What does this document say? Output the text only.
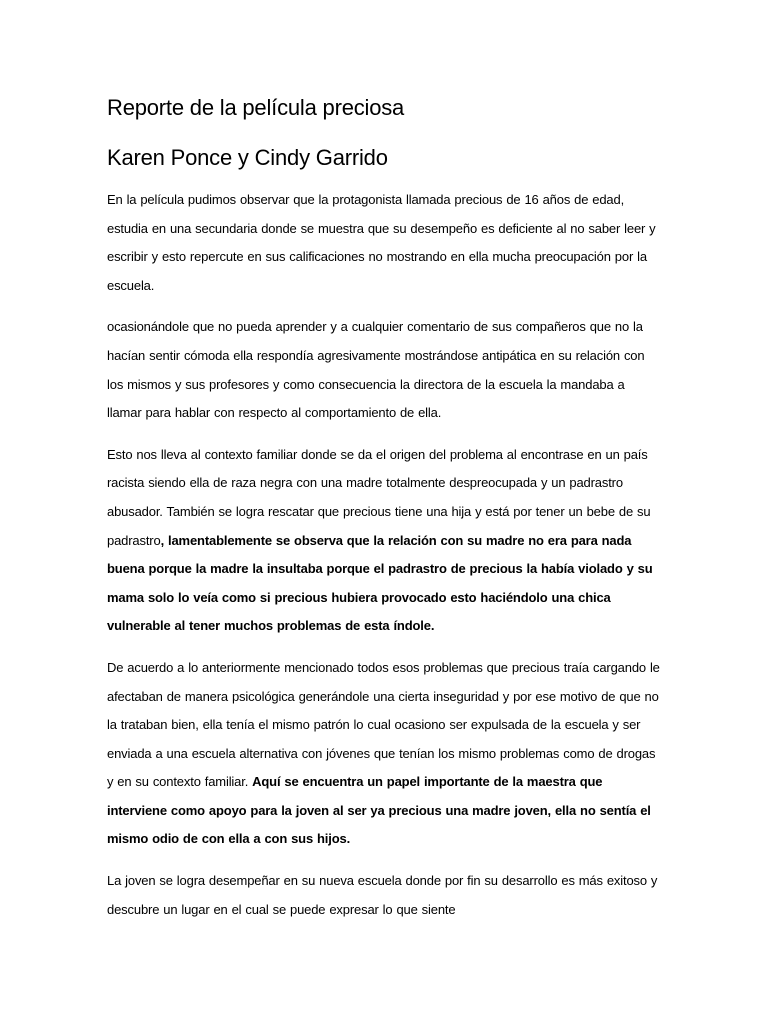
Reporte de la película preciosa
Karen Ponce y Cindy Garrido

En la película pudimos observar que la protagonista llamada precious de 16 años de edad, estudia en una secundaria donde se muestra que su desempeño es deficiente al no saber leer y escribir y esto repercute en sus calificaciones no mostrando en ella mucha preocupación por la escuela.

ocasionándole que no pueda aprender y a cualquier comentario de sus compañeros que no la hacían sentir cómoda ella respondía agresivamente mostrándose antipática en su relación con los mismos y sus profesores y como consecuencia la directora de la escuela la mandaba a llamar para hablar con respecto al comportamiento de ella.

Esto nos lleva al contexto familiar donde se da el origen del problema al encontrase en un país racista siendo ella de raza negra con una madre totalmente despreocupada y un padrastro abusador. También se logra rescatar que precious tiene una hija y está por tener un bebe de su padrastro, lamentablemente se observa que la relación con su madre no era para nada buena porque la madre la insultaba porque el padrastro de precious la había violado y su mama solo lo veía como si precious hubiera provocado esto haciéndolo una chica vulnerable al tener muchos problemas de esta índole.

De acuerdo a lo anteriormente mencionado todos esos problemas que precious traía cargando le afectaban de manera psicológica generándole una cierta inseguridad y por ese motivo de que no la trataban bien, ella tenía el mismo patrón lo cual ocasiono ser expulsada de la escuela y ser enviada a una escuela alternativa con jóvenes que tenían los mismo problemas como de drogas y en su contexto familiar. Aquí se encuentra un papel importante de la maestra que interviene como apoyo para la joven al ser ya precious una madre joven, ella no sentía el mismo odio de con ella a con sus hijos.

La joven se logra desempeñar en su nueva escuela donde por fin su desarrollo es más exitoso y descubre un lugar en el cual se puede expresar lo que siente
